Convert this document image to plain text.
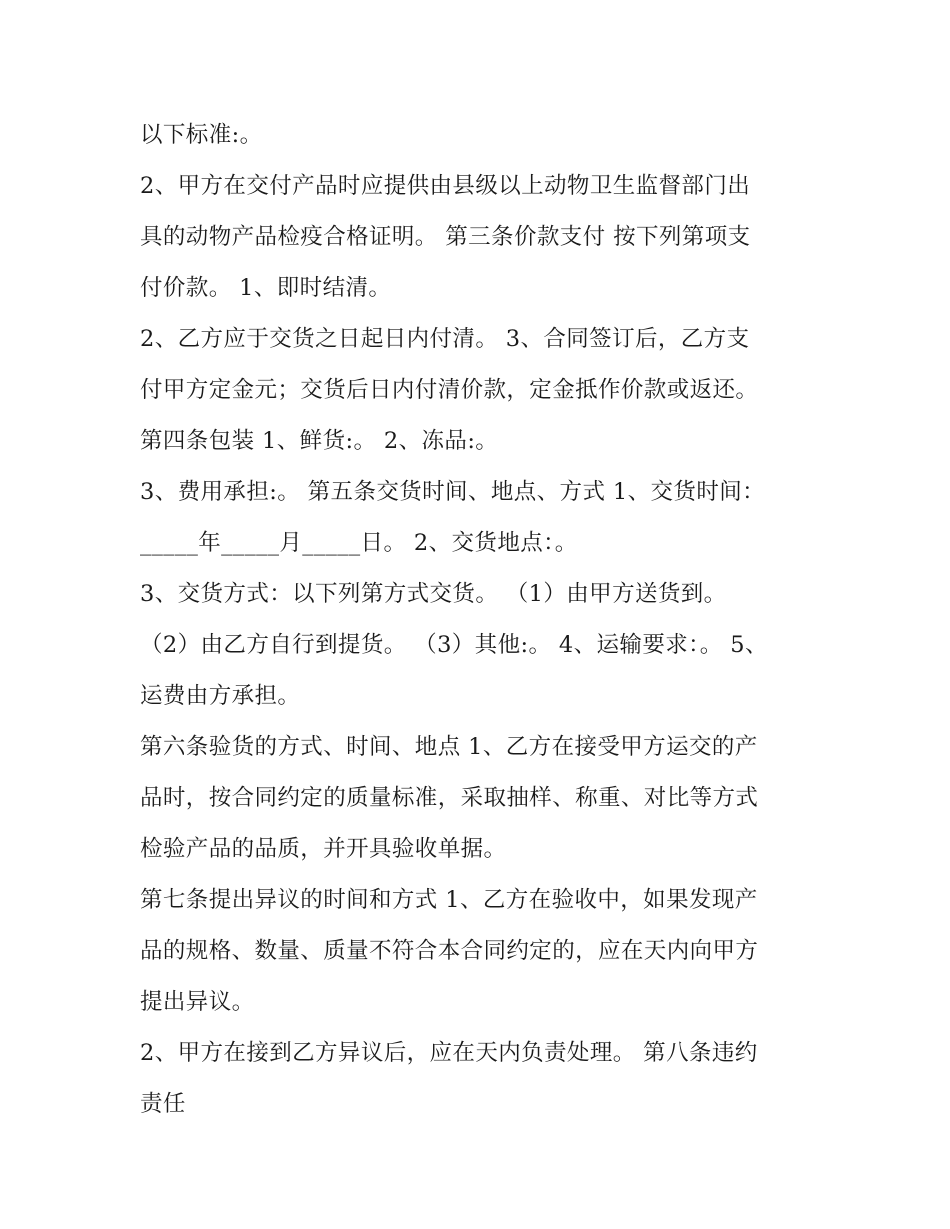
以下标准:。

2、甲方在交付产品时应提供由县级以上动物卫生监督部门出
具的动物产品检疫合格证明。 第三条价款支付 按下列第项支
付价款。 1、即时结清。

2、乙方应于交货之日起日内付清。 3、合同签订后，乙方支
付甲方定金元；交货后日内付清价款，定金抵作价款或返还。
第四条包装 1、鲜货:。 2、冻品:。

3、费用承担:。 第五条交货时间、地点、方式 1、交货时间：
_____年_____月_____日。 2、交货地点：。

3、交货方式：以下列第方式交货。 （1）由甲方送货到。
（2）由乙方自行到提货。 （3）其他:。 4、运输要求：。 5、
运费由方承担。

第六条验货的方式、时间、地点 1、乙方在接受甲方运交的产
品时，按合同约定的质量标准，采取抽样、称重、对比等方式
检验产品的品质，并开具验收单据。

第七条提出异议的时间和方式 1、乙方在验收中，如果发现产
品的规格、数量、质量不符合本合同约定的，应在天内向甲方
提出异议。

2、甲方在接到乙方异议后，应在天内负责处理。 第八条违约
责任
